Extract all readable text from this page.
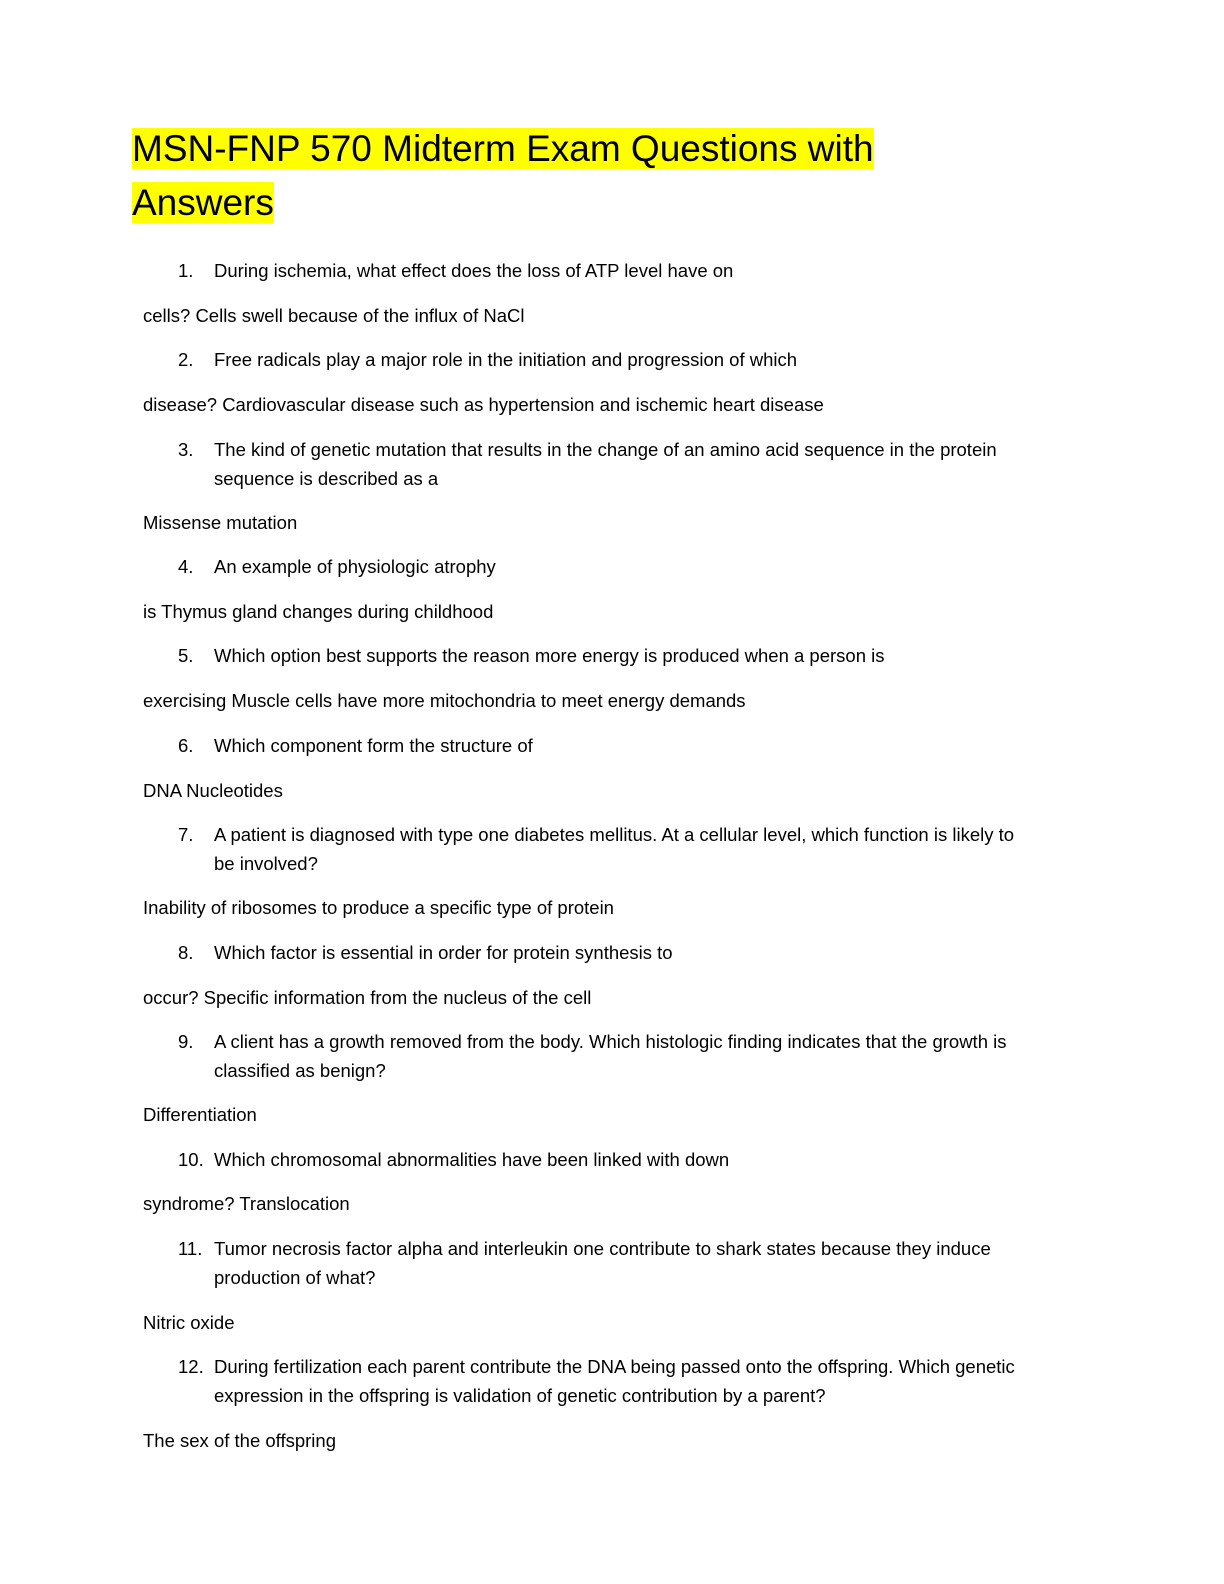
MSN-FNP 570 Midterm Exam Questions with Answers

1.	During ischemia, what effect does the loss of ATP level have on

cells? Cells swell because of the influx of NaCl

2.	Free radicals play a major role in the initiation and progression of which

disease? Cardiovascular disease such as hypertension and ischemic heart disease

3.	The kind of genetic mutation that results in the change of an amino acid sequence in the protein sequence is described as a

Missense mutation

4.	An example of physiologic atrophy

is Thymus gland changes during childhood

5.	Which option best supports the reason more energy is produced when a person is

exercising Muscle cells have more mitochondria to meet energy demands

6.	Which component form the structure of

DNA Nucleotides

7.	A patient is diagnosed with type one diabetes mellitus. At a cellular level, which function is likely to be involved?

Inability of ribosomes to produce a specific type of protein

8.	Which factor is essential in order for protein synthesis to

occur? Specific information from the nucleus of the cell

9.	A client has a growth removed from the body. Which histologic finding indicates that the growth is classified as benign?

Differentiation

10. Which chromosomal abnormalities have been linked with down

syndrome? Translocation

11. Tumor necrosis factor alpha and interleukin one contribute to shark states because they induce production of what?

Nitric oxide

12. During fertilization each parent contribute the DNA being passed onto the offspring. Which genetic expression in the offspring is validation of genetic contribution by a parent?

The sex of the offspring
